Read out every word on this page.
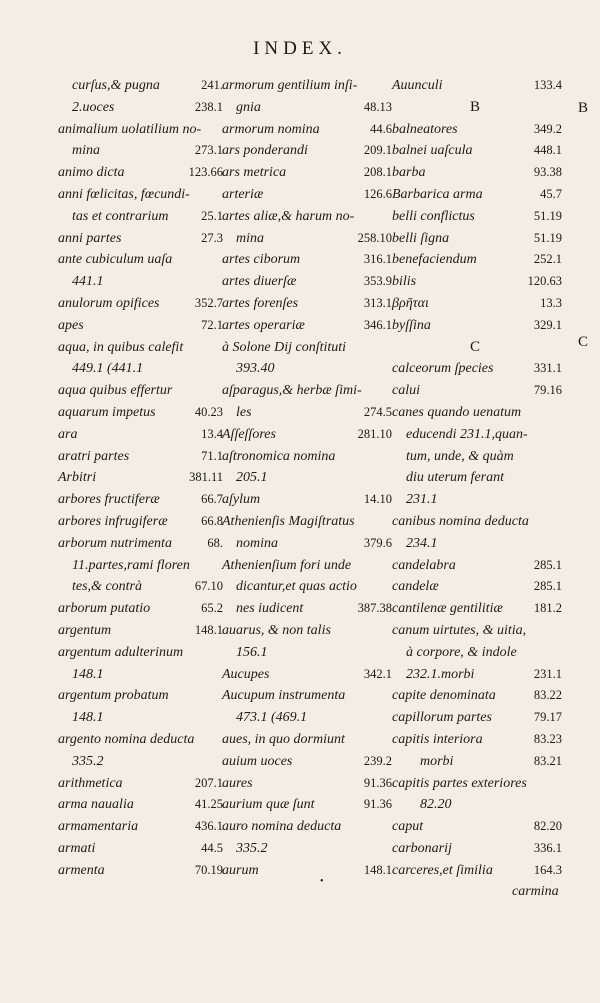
INDEX.
curſus,& pugna	241.
2.uoces	238.1
animalium uolatilium no-
mina	273.1
animo dicta	123.66
anni fœlicitas, fœcundi-
tas et contrarium	25.1
anni partes	27.3
ante cubiculum uaſa
441.1
anulorum opifices	352.7
apes	72.1
aqua, in quibus calefit
449.1 (441.1
aqua quibus effertur
aquarum impetus	40.23
ara	13.4
aratri partes	71.1
Arbitri	381.11
arbores fructiferæ	66.7
arbores infrugiferæ	66.8
arborum nutrimenta	68.
11.partes,rami floren
tes,& contrà	67.10
arborum putatio	65.2
argentum	148.1
argentum adulterinum
148.1
argentum probatum
148.1
argento nomina deducta
335.2
arithmetica	207.1
arma naualia	41.25
armamentaria	436.1
armati	44.5
armenta	70.19
armorum gentilium inſi-
gnia	48.13
armorum nomina	44.6
ars ponderandi	209.1
ars metrica	208.1
arteriæ	126.6
artes aliæ,& harum no-
mina	258.10
artes ciborum	316.1
artes diuerſæ	353.9
artes forenſes	313.1
artes operariæ	346.1
à Solone Dij conſtituti
393.40
aſparagus,& herbæ ſimi-
les	274.5
Aſſeſſores	281.10
aſtronomica nomina
205.1
aſylum	14.10
Athenienſis Magiſtratus
nomina	379.6
Athenienſium fori unde
dicantur,et quas actio
nes iudicent	387.38
auarus, & non talis
156.1
Aucupes	342.1
Aucupum instrumenta
473.1 (469.1
aues, in quo dormiunt
auium uoces	239.2
aures	91.36
aurium quæ ſunt	91.36
auro nomina deducta
335.2
aurum	148.1
Auunculi	133.4
B
balneatores	349.2
balnei uaſcula	448.1
barba	93.38
Barbarica arma	45.7
belli conflictus	51.19
belli ſigna	51.19
benefaciendum	252.1
bilis	120.63
βρῆται	13.3
byſſina	329.1
C
calceorum ſpecies	331.1
calui	79.16
canes quando uenatum
educendi 231.1,quan-
tum, unde, & quàm
diu uterum ferant
231.1
canibus nomina deducta
234.1
candelabra	285.1
candelæ	285.1
cantilenæ gentilitiæ 181.2
canum uirtutes, & uitia,
à corpore, & indole
232.1.morbi	231.1
capite denominata	83.22
capillorum partes	79.17
capitis interiora	83.23
morbi	83.21
capitis partes exteriores
82.20
caput	82.20
carbonarij	336.1
carceres,et ſimilia	164.3
carmina
B
C
•
